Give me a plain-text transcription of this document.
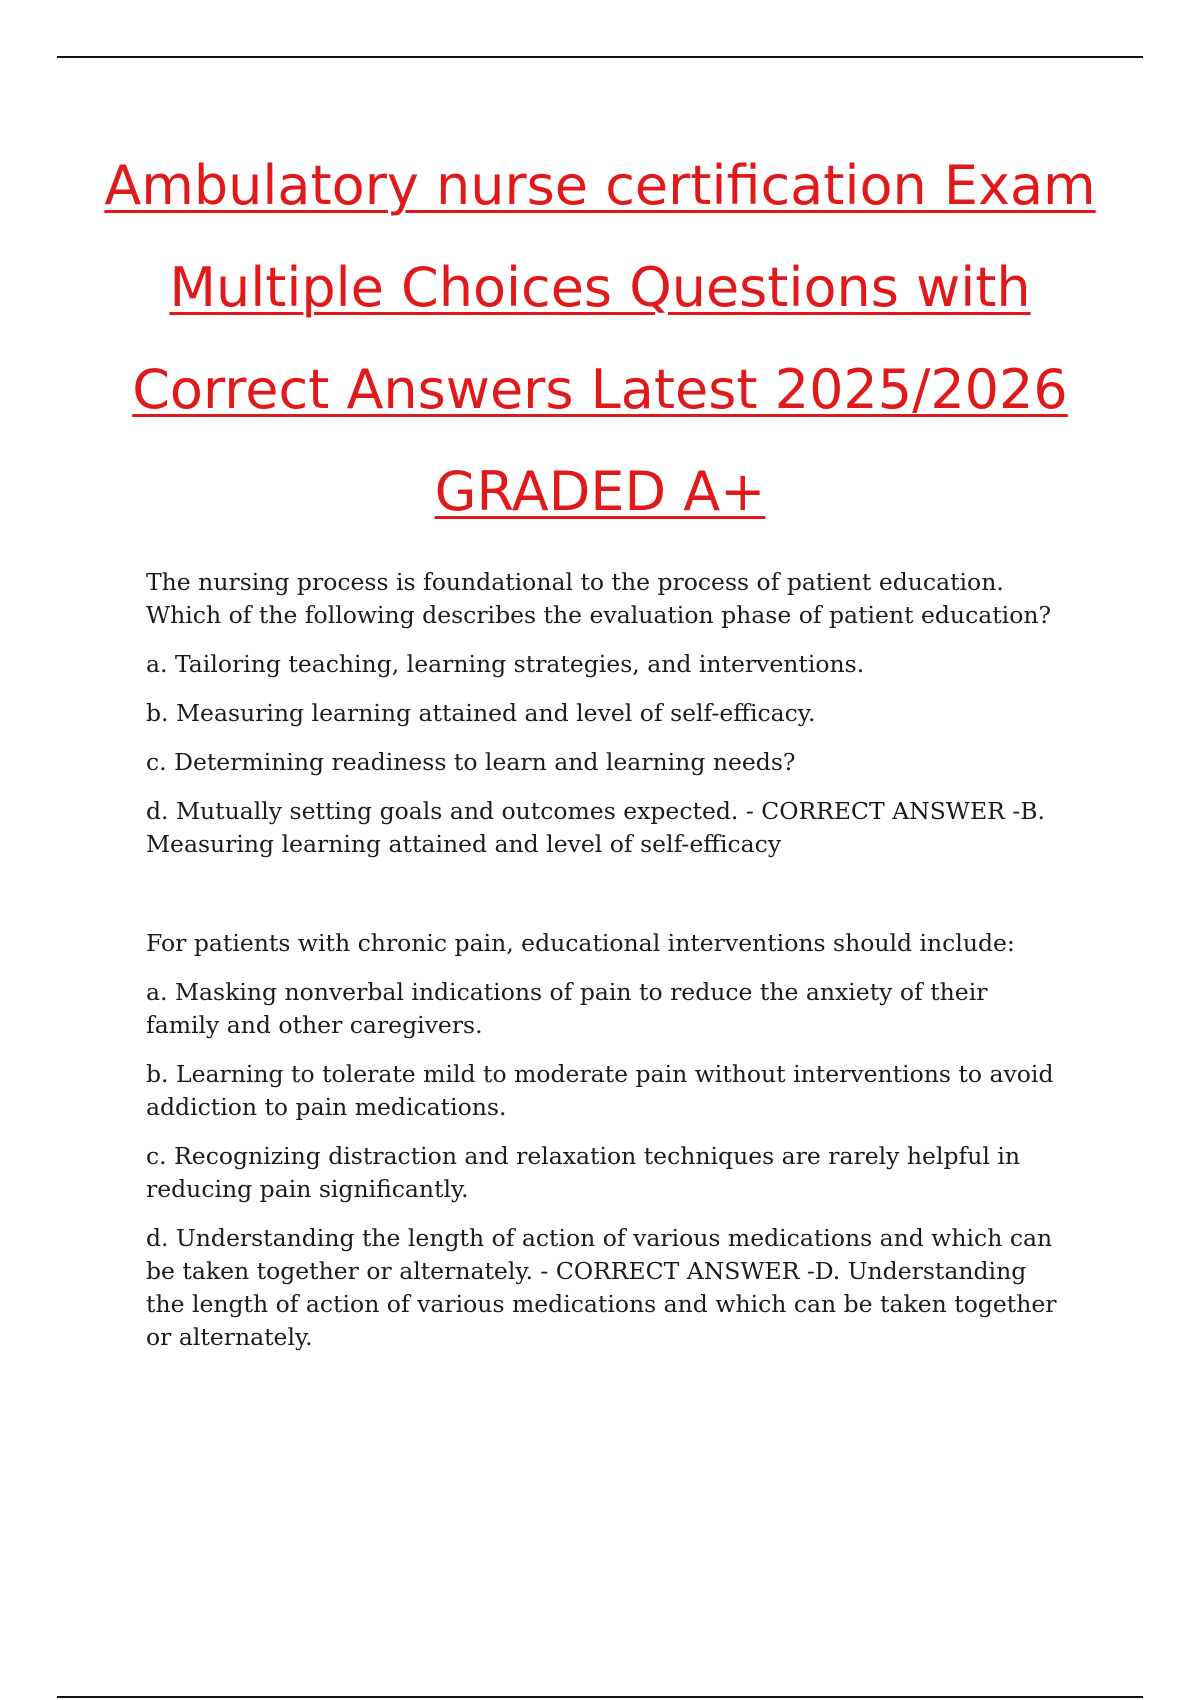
Ambulatory nurse certification Exam
Multiple Choices Questions with
Correct Answers Latest 2025/2026
GRADED A+

The nursing process is foundational to the process of patient education. Which of the following describes the evaluation phase of patient education?

a. Tailoring teaching, learning strategies, and interventions.

b. Measuring learning attained and level of self-efficacy.

c. Determining readiness to learn and learning needs?

d. Mutually setting goals and outcomes expected. - CORRECT ANSWER -B. Measuring learning attained and level of self-efficacy

For patients with chronic pain, educational interventions should include:

a. Masking nonverbal indications of pain to reduce the anxiety of their family and other caregivers.

b. Learning to tolerate mild to moderate pain without interventions to avoid addiction to pain medications.

c. Recognizing distraction and relaxation techniques are rarely helpful in reducing pain significantly.

d. Understanding the length of action of various medications and which can be taken together or alternately. - CORRECT ANSWER -D. Understanding the length of action of various medications and which can be taken together or alternately.
